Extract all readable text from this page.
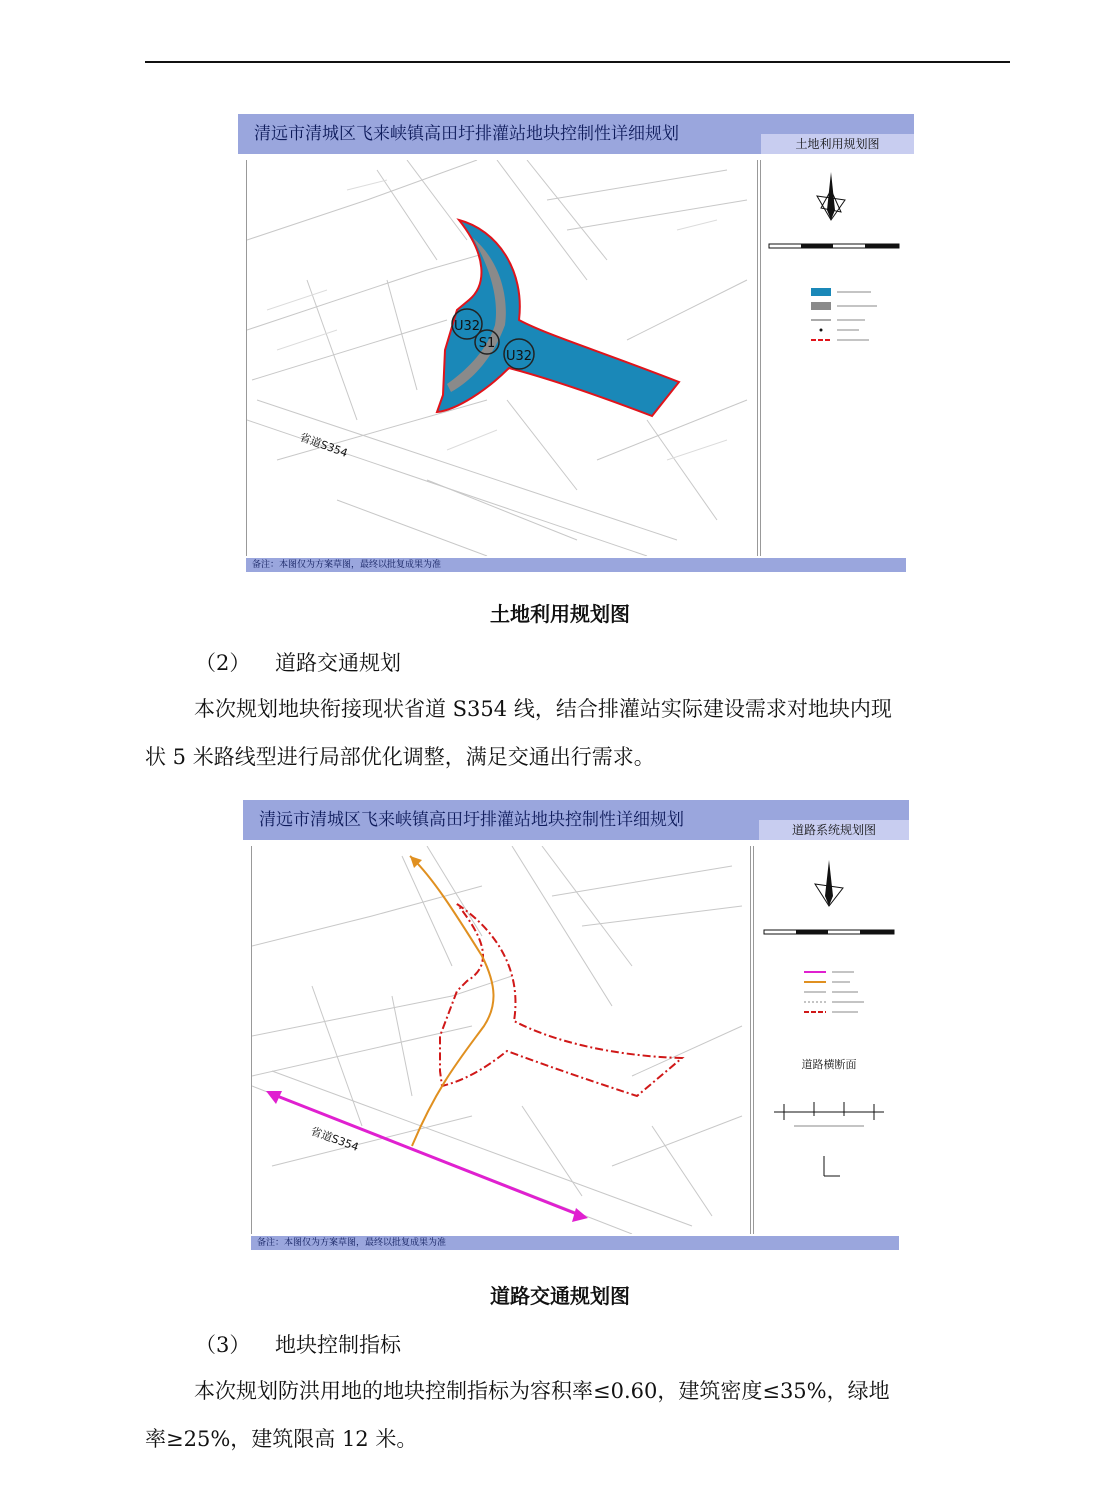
清远市清城区飞来峡镇高田圩排灌站地块控制性详细规划	土地利用规划图
U32
S1
U32
省道S354
备注：本图仅为方案草图，最终以批复成果为准
土地利用规划图
（2） 道路交通规划
本次规划地块衔接现状省道 S354 线，结合排灌站实际建设需求对地块内现
状 5 米路线型进行局部优化调整，满足交通出行需求。
清远市清城区飞来峡镇高田圩排灌站地块控制性详细规划	道路系统规划图
省道S354
道路横断面
备注：本图仅为方案草图，最终以批复成果为准
道路交通规划图
（3） 地块控制指标
本次规划防洪用地的地块控制指标为容积率≤0.60，建筑密度≤35%，绿地
率≥25%，建筑限高 12 米。
